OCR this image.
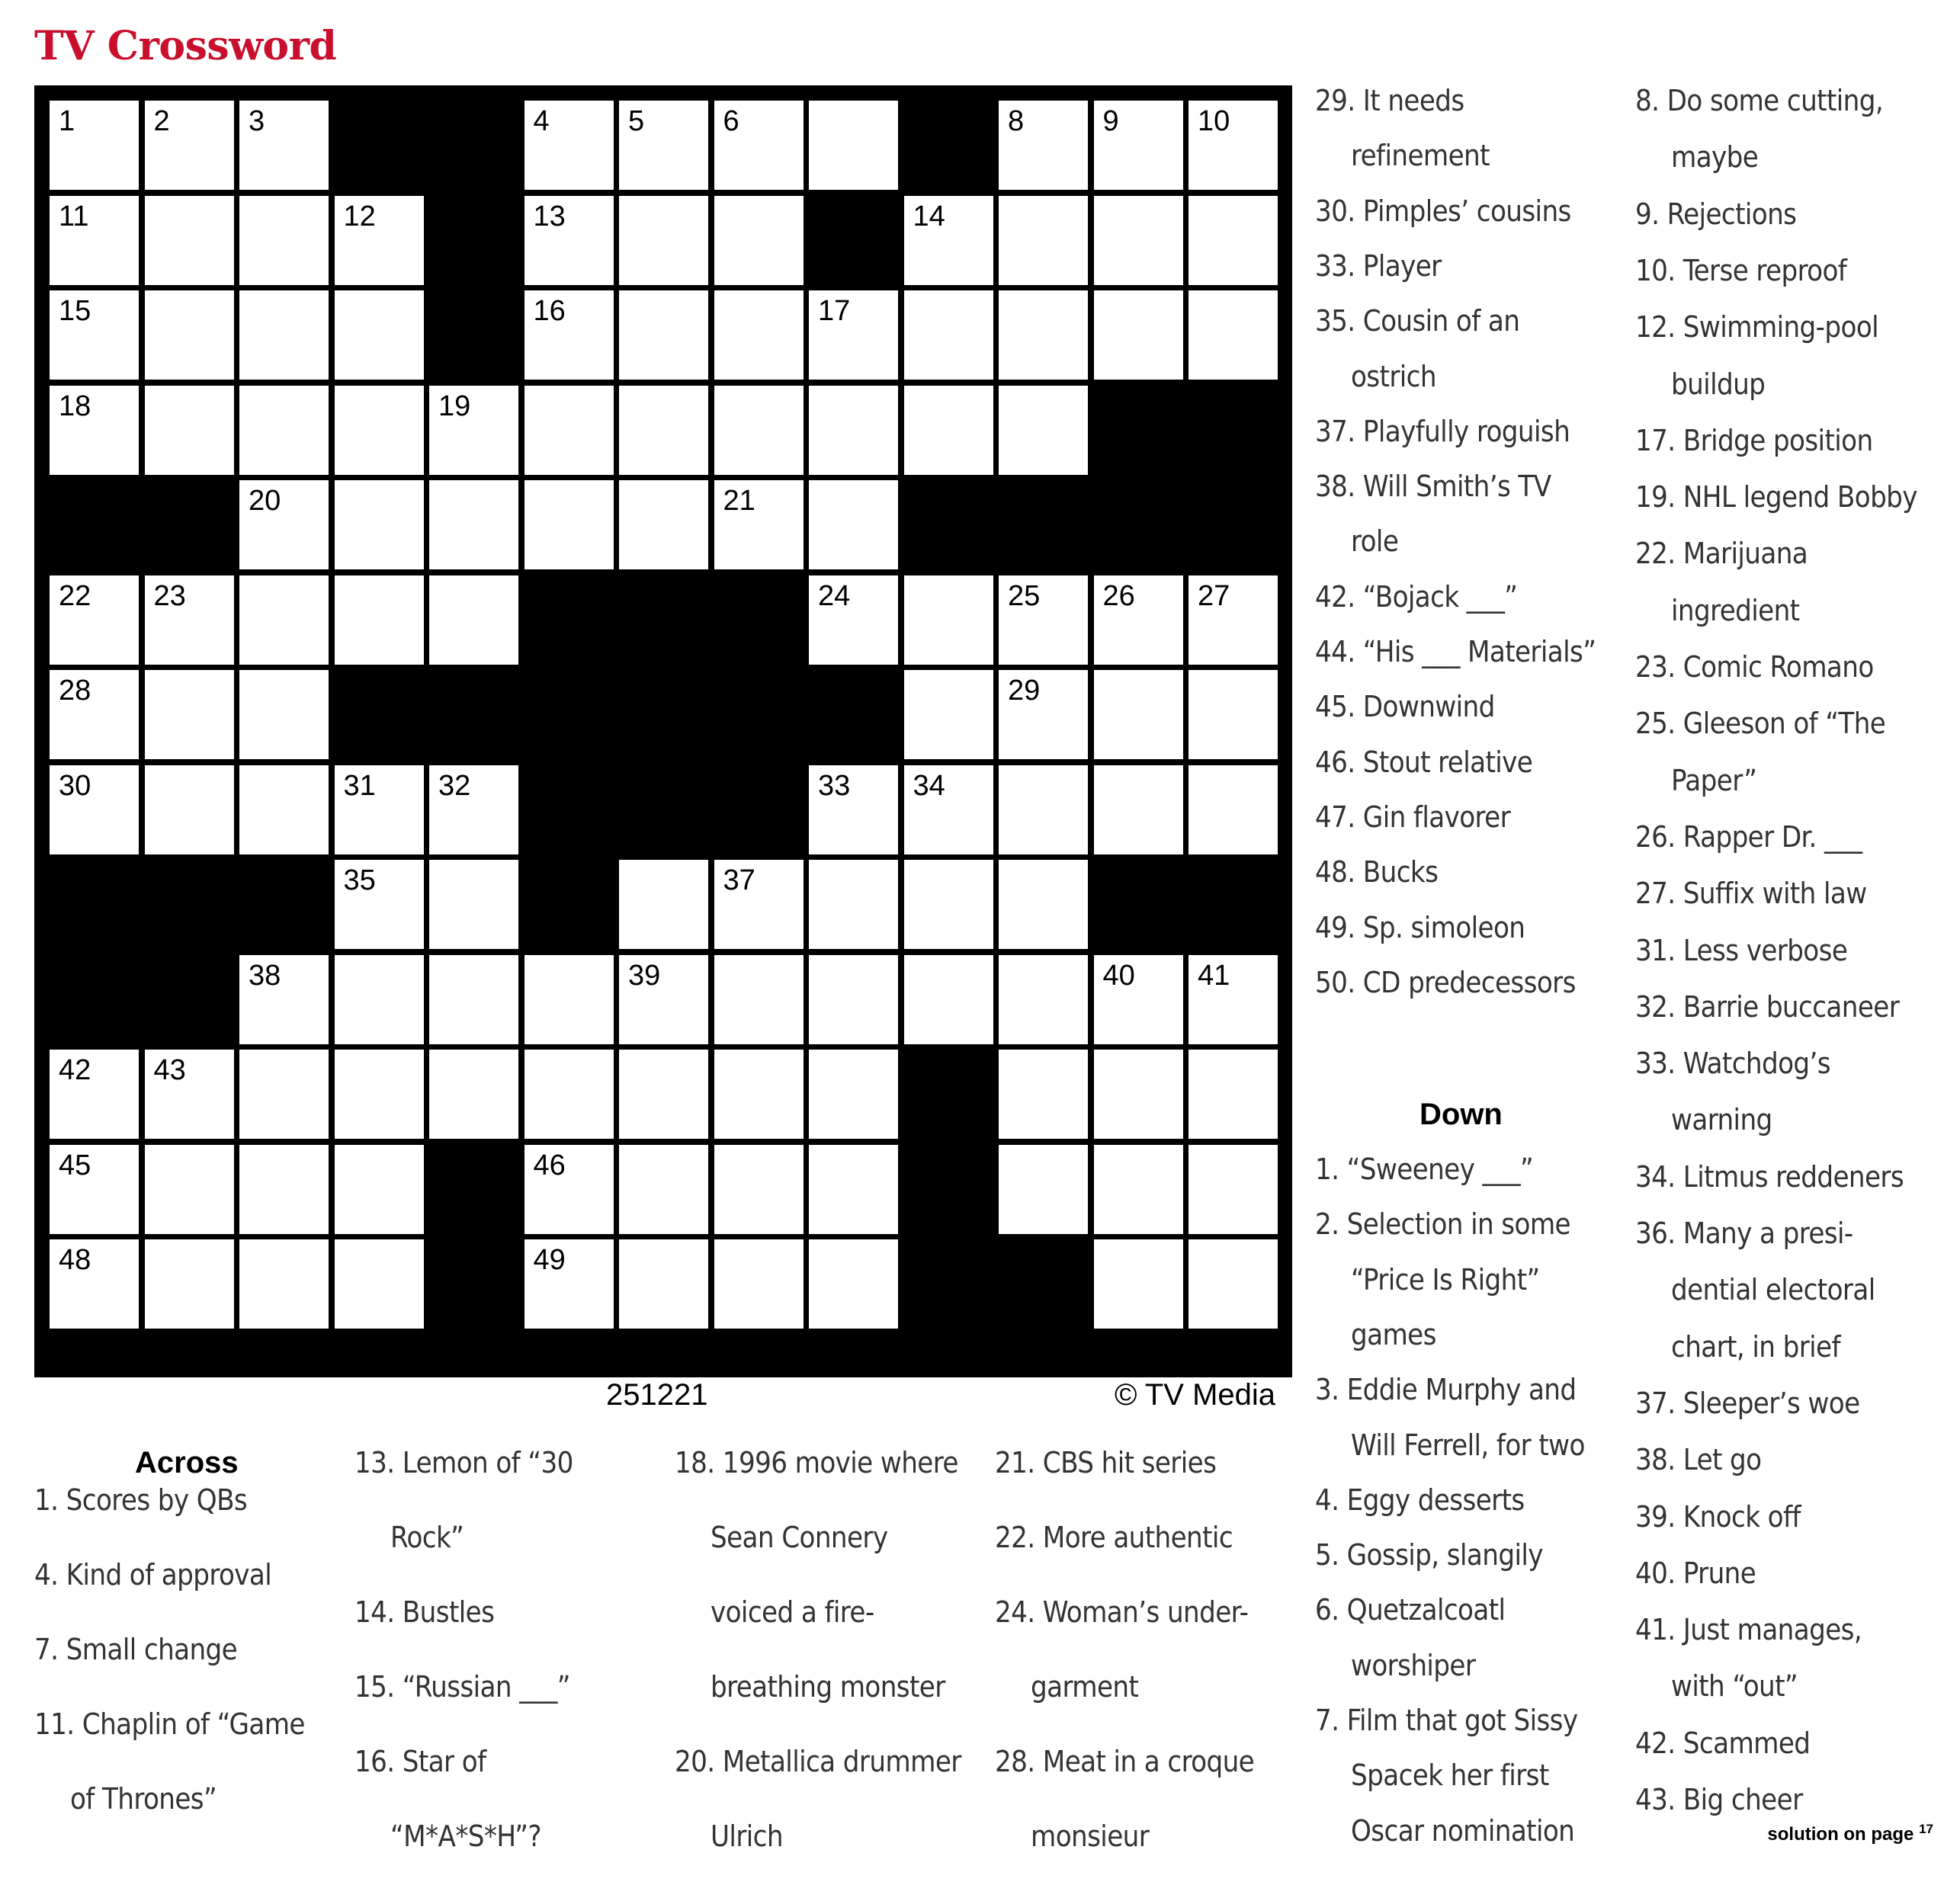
TV Crossword
1	2	3	4	5	6	8	9	10
11	12	13	14
15	16	17
18	19
20	21
22 23	24	25 26 27
28	29
30	31 32	33 34
35	37
38	39	40 41
42 43
45	46
48	49
251221	© TV Media
Across
Down
1. Scores by QBs
4. Kind of approval
7. Small change
11. Chaplin of “Game
of Thrones”
13. Lemon of “30
Rock”
14. Bustles
15. “Russian ___”
16. Star of
“M*A*S*H”?
18. 1996 movie where
Sean Connery
voiced a fire-
breathing monster
20. Metallica drummer
Ulrich
21. CBS hit series
22. More authentic
24. Woman’s under-
garment
28. Meat in a croque
monsieur
29. It needs
refinement
30. Pimples’ cousins
33. Player
35. Cousin of an
ostrich
37. Playfully roguish
38. Will Smith’s TV
role
42. “Bojack ___”
44. “His ___ Materials”
45. Downwind
46. Stout relative
47. Gin flavorer
48. Bucks
49. Sp. simoleon
50. CD predecessors
1. “Sweeney ___”
2. Selection in some
“Price Is Right”
games
3. Eddie Murphy and
Will Ferrell, for two
4. Eggy desserts
5. Gossip, slangily
6. Quetzalcoatl
worshiper
7. Film that got Sissy
Spacek her first
Oscar nomination
8. Do some cutting,
maybe
9. Rejections
10. Terse reproof
12. Swimming-pool
buildup
17. Bridge position
19. NHL legend Bobby
22. Marijuana
ingredient
23. Comic Romano
25. Gleeson of “The
Paper”
26. Rapper Dr. ___
27. Suffix with law
31. Less verbose
32. Barrie buccaneer
33. Watchdog’s
warning
34. Litmus reddeners
36. Many a presi-
dential electoral
chart, in brief
37. Sleeper’s woe
38. Let go
39. Knock off
40. Prune
41. Just manages,
with “out”
42. Scammed
43. Big cheer
solution on page $^{17}$
